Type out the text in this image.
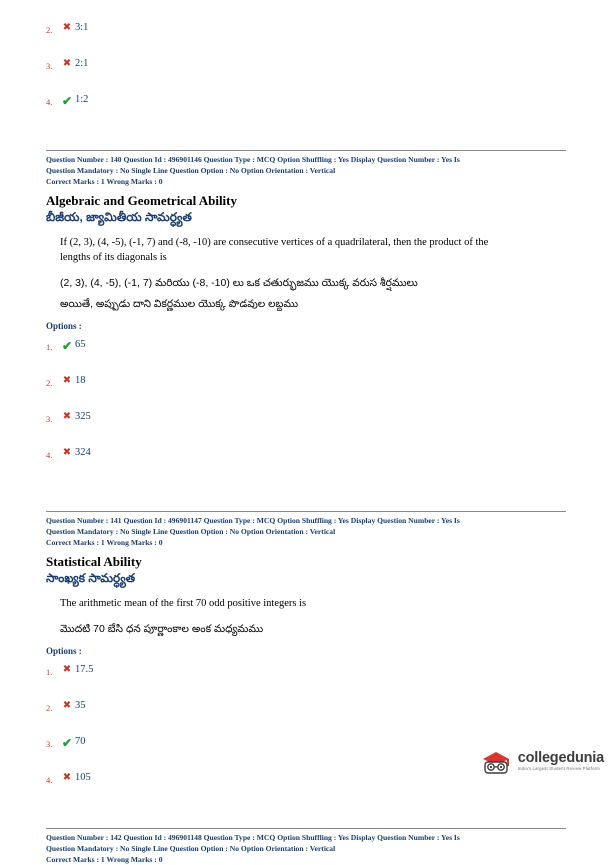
2.	✖ 3:1
3.	✖ 2:1
4. ✔ 1:2
Question Number : 140 Question Id : 496901146 Question Type : MCQ Option Shuffling : Yes Display Question Number : Yes Is
Question Mandatory : No Single Line Question Option : No Option Orientation : Vertical
Correct Marks : 1 Wrong Marks : 0
Algebraic and Geometrical Ability
బీజీయ, జ్యామితీయ సామర్ధ్యత
If (2, 3), (4, -5), (-1, 7) and (-8, -10) are consecutive vertices of a quadrilateral, then the product of the lengths of its diagonals is
(2, 3), (4, -5), (-1, 7) మరియు (-8, -10) లు ఒక చతుర్భుజము యొక్క వరుస శీర్షములు
అయితే, అప్పుడు దాని వికర్ణముల యొక్క పొడవుల లబ్దము
Options :
1. ✔ 65
2.	✖ 18
3.	✖ 325
4.	✖ 324
Question Number : 141 Question Id : 496901147 Question Type : MCQ Option Shuffling : Yes Display Question Number : Yes Is
Question Mandatory : No Single Line Question Option : No Option Orientation : Vertical
Correct Marks : 1 Wrong Marks : 0
Statistical Ability
సాంఖ్యక సామర్ధ్యత
The arithmetic mean of the first 70 odd positive integers is
మొదటి 70 బేసి ధన పూర్ణాంకాల అంక మధ్యమము
Options :
1.	✖ 17.5
2.	✖ 35
3. ✔ 70
4.	✖ 105
Question Number : 142 Question Id : 496901148 Question Type : MCQ Option Shuffling : Yes Display Question Number : Yes Is
Question Mandatory : No Single Line Question Option : No Option Orientation : Vertical
Correct Marks : 1 Wrong Marks : 0
collegedunia
India's Largest Student Review Platform
